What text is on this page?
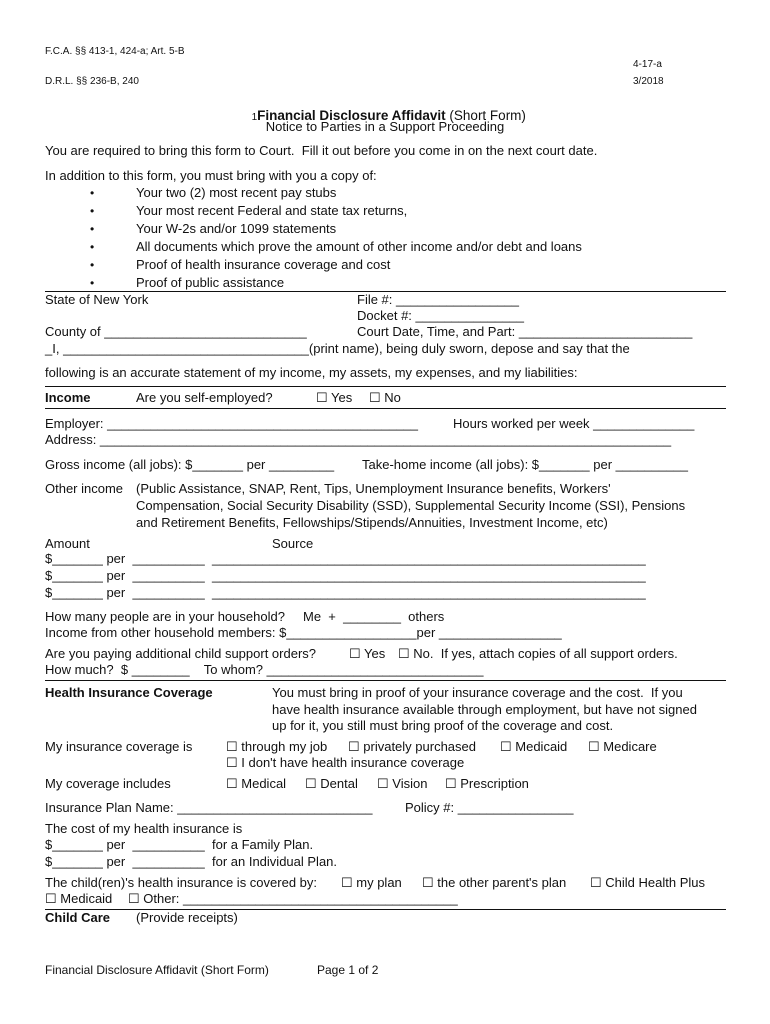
F.C.A. §§ 413-1, 424-a; Art. 5-B
4-17-a
D.R.L. §§ 236-B, 240	3/2018

1Financial Disclosure Affidavit (Short Form)

Notice to Parties in a Support Proceeding
You are required to bring this form to Court.  Fill it out before you come in on the next court date.
In addition to this form, you must bring with you a copy of:
•	Your two (2) most recent pay stubs
•	Your most recent Federal and state tax returns,
•	Your W-2s and/or 1099 statements
•	All documents which prove the amount of other income and/or debt and loans
•	Proof of health insurance coverage and cost
•	Proof of public assistance
State of New York	File #: _________________
Docket #: _______________
County of ____________________________	Court Date, Time, and Part: ________________________
_I, __________________________________(print name), being duly sworn, depose and say that the
following is an accurate statement of my income, my assets, my expenses, and my liabilities:
Income	Are you self-employed?	☐ Yes ☐ No
Employer: ___________________________________________	Hours worked per week ______________
Address: _______________________________________________________________________________
Gross income (all jobs): $_______ per _________ Take-home income (all jobs): $_______ per __________
Other income (Public Assistance, SNAP, Rent, Tips, Unemployment Insurance benefits, Workers'
Compensation, Social Security Disability (SSD), Supplemental Security Income (SSI), Pensions
and Retirement Benefits, Fellowships/Stipends/Annuities, Investment Income, etc)
Amount	Source
$_______ per  __________  ____________________________________________________________
$_______ per  __________  ____________________________________________________________
$_______ per  __________  ____________________________________________________________
How many people are in your household?     Me  +  ________  others
Income from other household members: $__________________per _________________
Are you paying additional child support orders?	☐ Yes ☐ No.  If yes, attach copies of all support orders.
How much?  $ ________    To whom? ______________________________
Health Insurance Coverage	You must bring in proof of your insurance coverage and the cost.  If you
have health insurance available through employment, but have not signed
up for it, you still must bring proof of the coverage and cost.
My insurance coverage is	☐ through my job ☐ privately purchased ☐ Medicaid ☐ Medicare
☐ I don't have health insurance coverage
My coverage includes	☐ Medical ☐ Dental ☐ Vision ☐ Prescription
Insurance Plan Name: ___________________________	Policy #: ________________
The cost of my health insurance is
$_______ per  __________  for a Family Plan.
$_______ per  __________  for an Individual Plan.
The child(ren)'s health insurance is covered by: ☐ my plan ☐ the other parent's plan ☐ Child Health Plus
☐ Medicaid ☐ Other: ______________________________________
Child Care (Provide receipts)
Financial Disclosure Affidavit (Short Form)	Page 1 of 2
